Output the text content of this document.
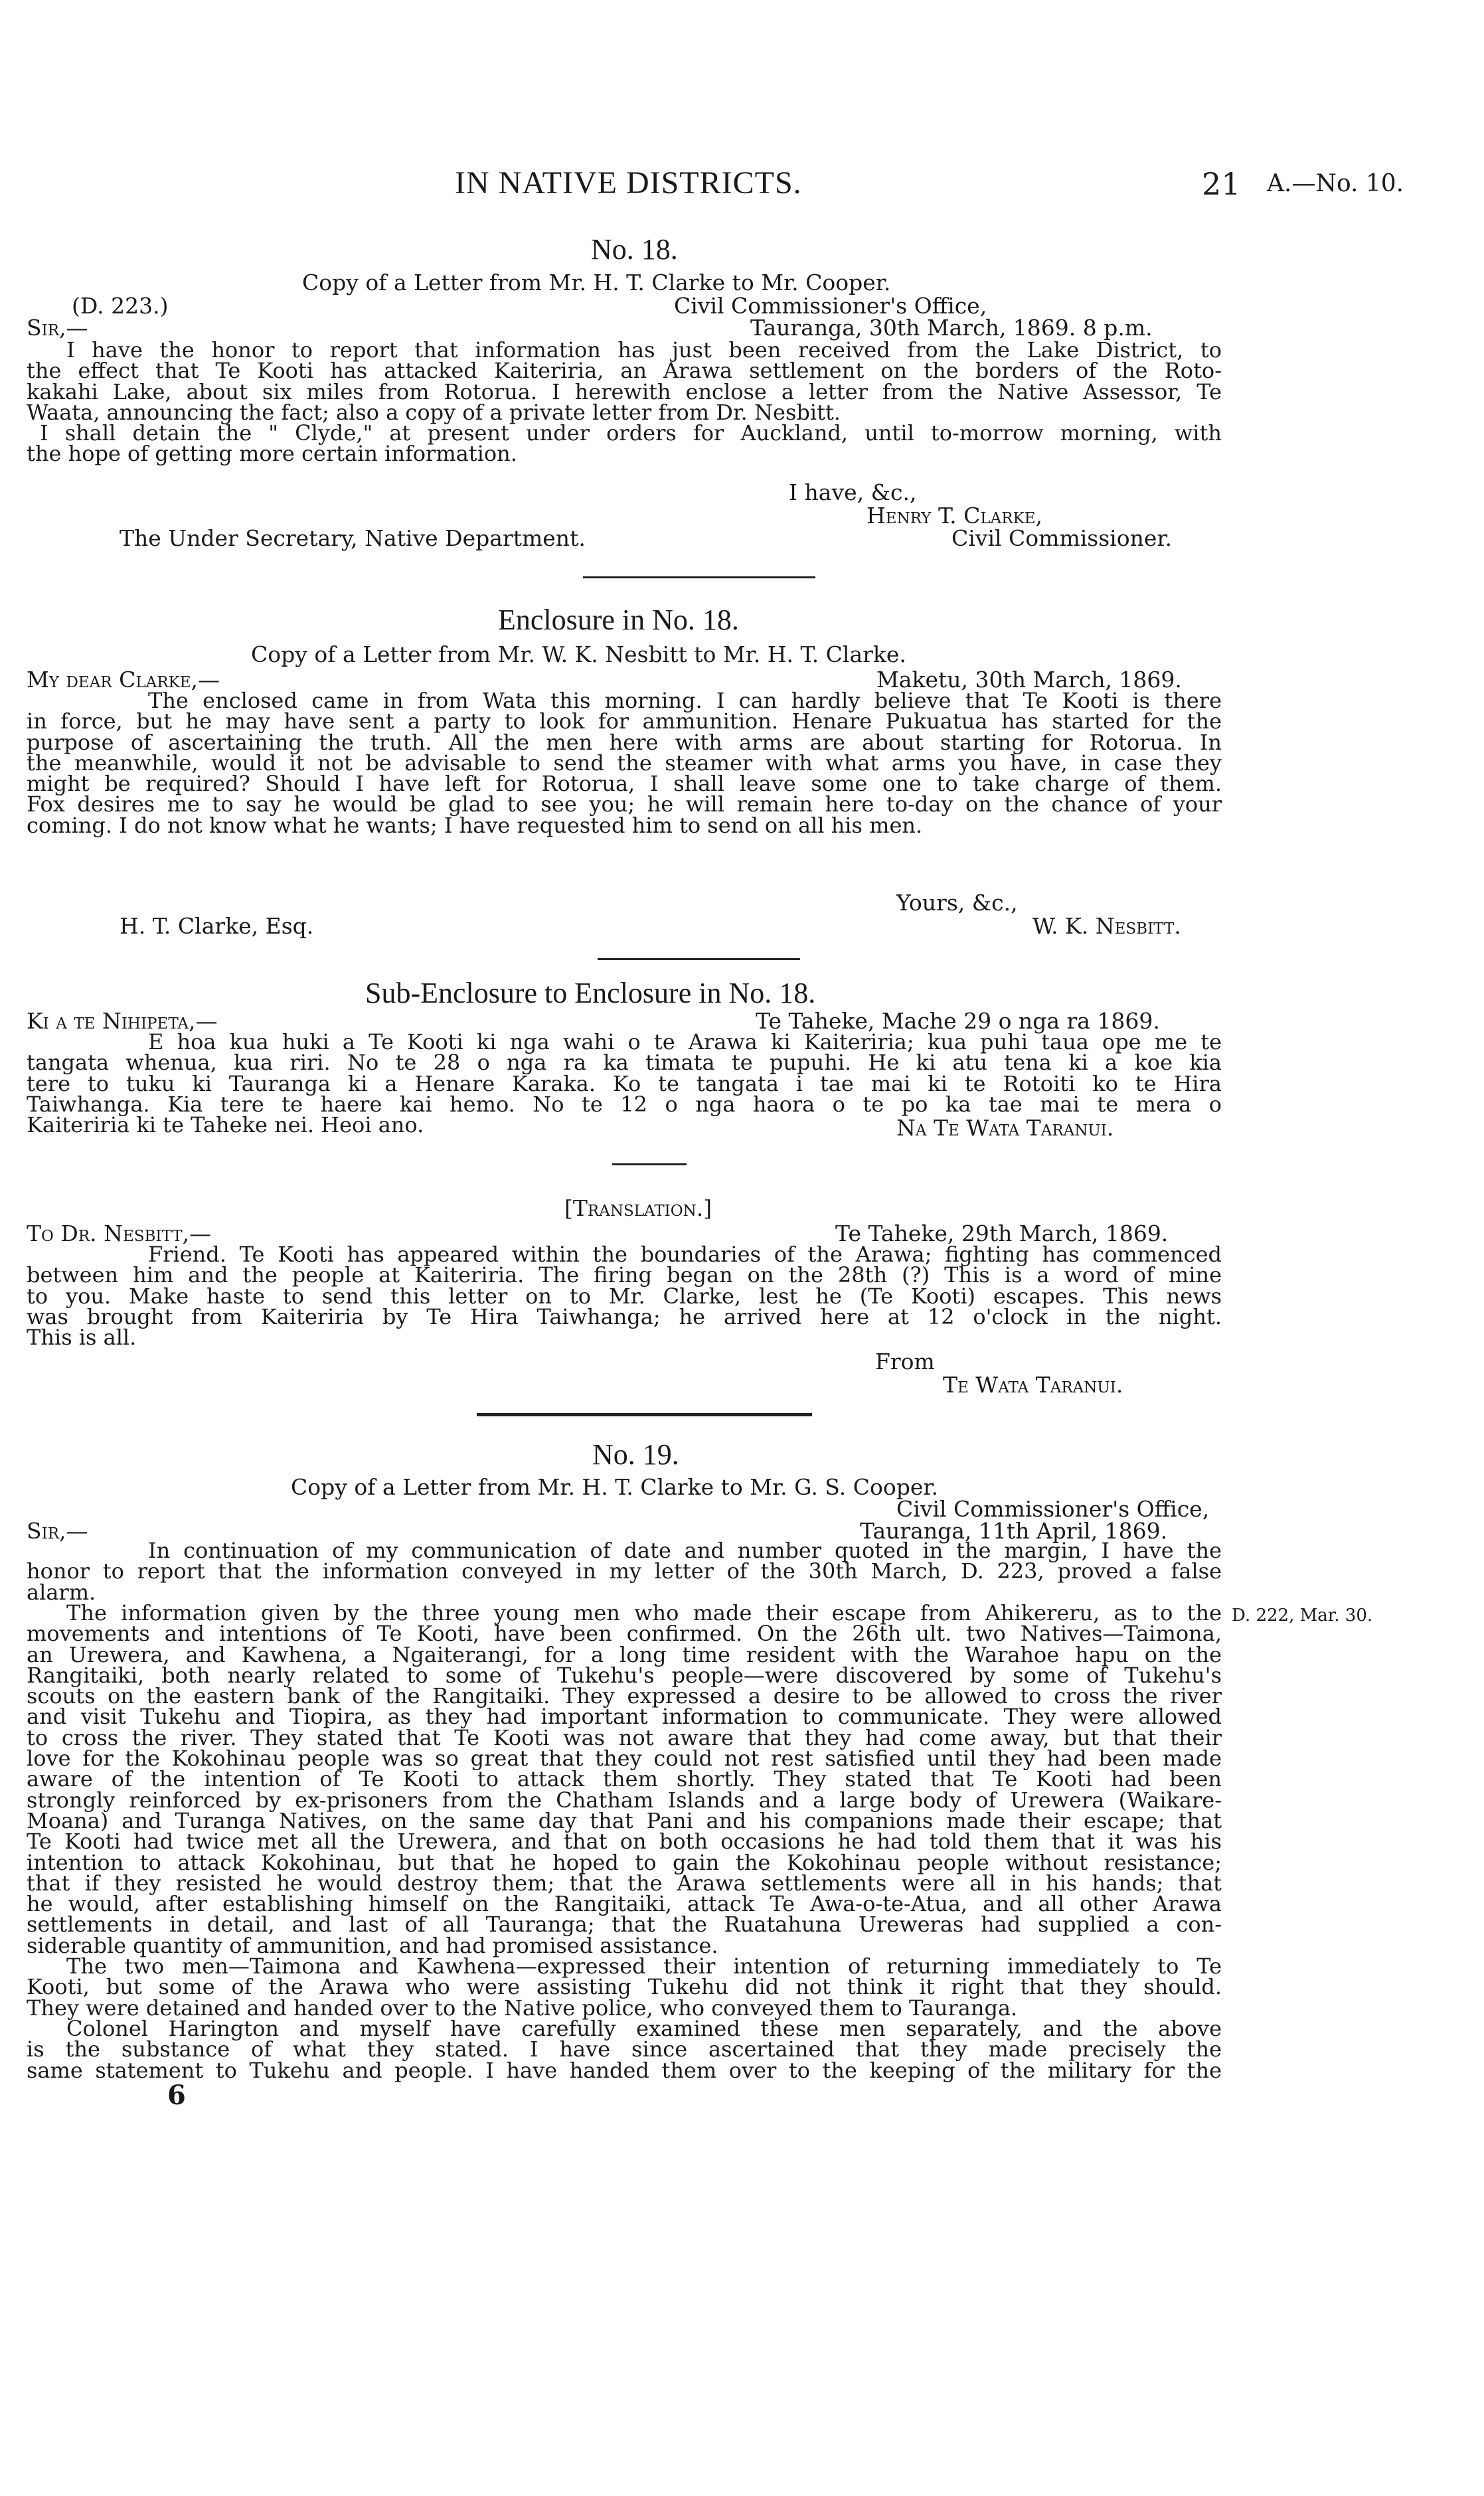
IN NATIVE DISTRICTS.	21 A.—No. 10.
No. 18.
Copy of a Letter from Mr. H. T. Clarke to Mr. Cooper.
(D. 223.)	Civil Commissioner's Office,
Sir,—	Tauranga, 30th March, 1869. 8 p.m.
I have the honor to report that information has just been received from the Lake District, to
the effect that Te Kooti has attacked Kaiteriria, an Arawa settlement on the borders of the Roto-
kakahi Lake, about six miles from Rotorua. I herewith enclose a letter from the Native Assessor, Te
Waata, announcing the fact; also a copy of a private letter from Dr. Nesbitt.
I shall detain the " Clyde," at present under orders for Auckland, until to-morrow morning, with
the hope of getting more certain information.
I have, &c.,
Henry T. Clarke,
The Under Secretary, Native Department.	Civil Commissioner.
Enclosure in No. 18.
Copy of a Letter from Mr. W. K. Nesbitt to Mr. H. T. Clarke.
My dear Clarke,—	Maketu, 30th March, 1869.
The enclosed came in from Wata this morning. I can hardly believe that Te Kooti is there
in force, but he may have sent a party to look for ammunition. Henare Pukuatua has started for the
purpose of ascertaining the truth. All the men here with arms are about starting for Rotorua. In
the meanwhile, would it not be advisable to send the steamer with what arms you have, in case they
might be required? Should I have left for Rotorua, I shall leave some one to take charge of them.
Fox desires me to say he would be glad to see you; he will remain here to-day on the chance of your
coming. I do not know what he wants; I have requested him to send on all his men.
Yours, &c.,
H. T. Clarke, Esq.	W. K. Nesbitt.
Sub-Enclosure to Enclosure in No. 18.
Ki a te Nihipeta,—	Te Taheke, Mache 29 o nga ra 1869.
E hoa kua huki a Te Kooti ki nga wahi o te Arawa ki Kaiteriria; kua puhi taua ope me te
tangata whenua, kua riri. No te 28 o nga ra ka timata te pupuhi. He ki atu tena ki a koe kia
tere to tuku ki Tauranga ki a Henare Karaka. Ko te tangata i tae mai ki te Rotoiti ko te Hira
Taiwhanga. Kia tere te haere kai hemo. No te 12 o nga haora o te po ka tae mai te mera o
Kaiteriria ki te Taheke nei. Heoi ano.	Na Te Wata Taranui.
[Translation.]
To Dr. Nesbitt,—	Te Taheke, 29th March, 1869.
Friend. Te Kooti has appeared within the boundaries of the Arawa; fighting has commenced
between him and the people at Kaiteriria. The firing began on the 28th (?) This is a word of mine
to you. Make haste to send this letter on to Mr. Clarke, lest he (Te Kooti) escapes. This news
was brought from Kaiteriria by Te Hira Taiwhanga; he arrived here at 12 o'clock in the night.
This is all.
From
Te Wata Taranui.
No. 19.
Copy of a Letter from Mr. H. T. Clarke to Mr. G. S. Cooper.
Civil Commissioner's Office,
Sir,—	Tauranga, 11th April, 1869.
In continuation of my communication of date and number quoted in the margin, I have the
honor to report that the information conveyed in my letter of the 30th March, D. 223, proved a false
alarm.
The information given by the three young men who made their escape from Ahikereru, as to the
movements and intentions of Te Kooti, have been confirmed. On the 26th ult. two Natives—Taimona,
an Urewera, and Kawhena, a Ngaiterangi, for a long time resident with the Warahoe hapu on the
Rangitaiki, both nearly related to some of Tukehu's people—were discovered by some of Tukehu's
scouts on the eastern bank of the Rangitaiki. They expressed a desire to be allowed to cross the river
and visit Tukehu and Tiopira, as they had important information to communicate. They were allowed
to cross the river. They stated that Te Kooti was not aware that they had come away, but that their
love for the Kokohinau people was so great that they could not rest satisfied until they had been made
aware of the intention of Te Kooti to attack them shortly. They stated that Te Kooti had been
strongly reinforced by ex-prisoners from the Chatham Islands and a large body of Urewera (Waikare-
Moana) and Turanga Natives, on the same day that Pani and his companions made their escape; that
Te Kooti had twice met all the Urewera, and that on both occasions he had told them that it was his
intention to attack Kokohinau, but that he hoped to gain the Kokohinau people without resistance;
that if they resisted he would destroy them; that the Arawa settlements were all in his hands; that
he would, after establishing himself on the Rangitaiki, attack Te Awa-o-te-Atua, and all other Arawa
settlements in detail, and last of all Tauranga; that the Ruatahuna Ureweras had supplied a con-
siderable quantity of ammunition, and had promised assistance.
D. 222, Mar. 30.
The two men—Taimona and Kawhena—expressed their intention of returning immediately to Te
Kooti, but some of the Arawa who were assisting Tukehu did not think it right that they should.
They were detained and handed over to the Native police, who conveyed them to Tauranga.
Colonel Harington and myself have carefully examined these men separately, and the above
is the substance of what they stated. I have since ascertained that they made precisely the
same statement to Tukehu and people. I have handed them over to the keeping of the military for the
6
